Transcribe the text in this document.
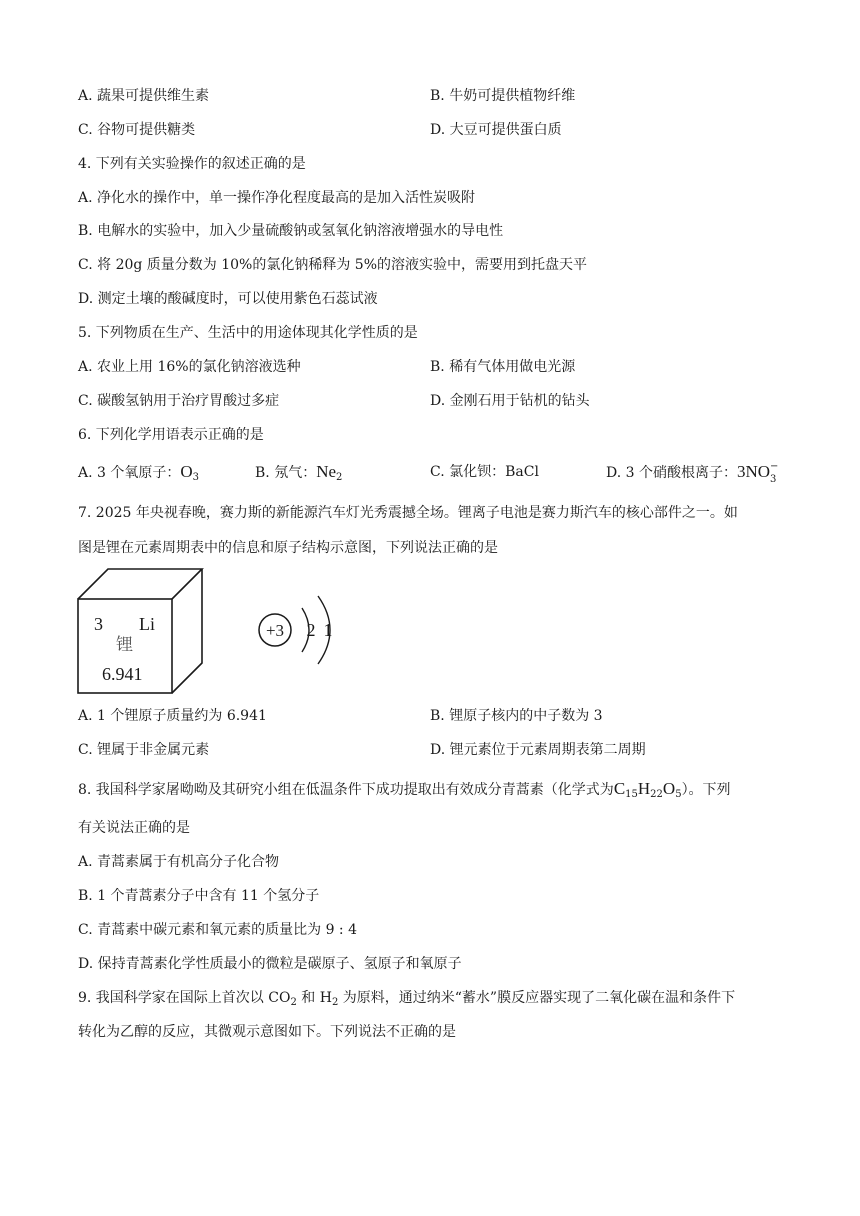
A. 蔬果可提供维生素	B. 牛奶可提供植物纤维
C. 谷物可提供糖类	D. 大豆可提供蛋白质
4. 下列有关实验操作的叙述正确的是
A. 净化水的操作中，单一操作净化程度最高的是加入活性炭吸附
B. 电解水的实验中，加入少量硫酸钠或氢氧化钠溶液增强水的导电性
C. 将 20g 质量分数为 10%的氯化钠稀释为 5%的溶液实验中，需要用到托盘天平
D. 测定土壤的酸碱度时，可以使用紫色石蕊试液
5. 下列物质在生产、生活中的用途体现其化学性质的是
A. 农业上用 16%的氯化钠溶液选种	B. 稀有气体用做电光源
C. 碳酸氢钠用于治疗胃酸过多症	D. 金刚石用于钻机的钻头
6. 下列化学用语表示正确的是
A. 3 个氧原子：$O_3$	B. 氖气：$Ne_2$	C. 氯化钡：BaCl	D. 3 个硝酸根离子：3NO −
3
7. 2025 年央视春晚，赛力斯的新能源汽车灯光秀震撼全场。锂离子电池是赛力斯汽车的核心部件之一。如
图是锂在元素周期表中的信息和原子结构示意图，下列说法正确的是
3 Li
锂
6.941
+3 2 1
A. 1 个锂原子质量约为 6.941	B. 锂原子核内的中子数为 3
C. 锂属于非金属元素	D. 锂元素位于元素周期表第二周期
8. 我国科学家屠呦呦及其研究小组在低温条件下成功提取出有效成分青蒿素（化学式为$C_{15}H_{22}O_5$）。下列
有关说法正确的是
A. 青蒿素属于有机高分子化合物
B. 1 个青蒿素分子中含有 11 个氢分子
C. 青蒿素中碳元素和氧元素的质量比为 9 : 4
D. 保持青蒿素化学性质最小的微粒是碳原子、氢原子和氧原子
9. 我国科学家在国际上首次以 $CO_2$ 和 $H_2$ 为原料，通过纳米“蓄水”膜反应器实现了二氧化碳在温和条件下
转化为乙醇的反应，其微观示意图如下。下列说法不正确的是
